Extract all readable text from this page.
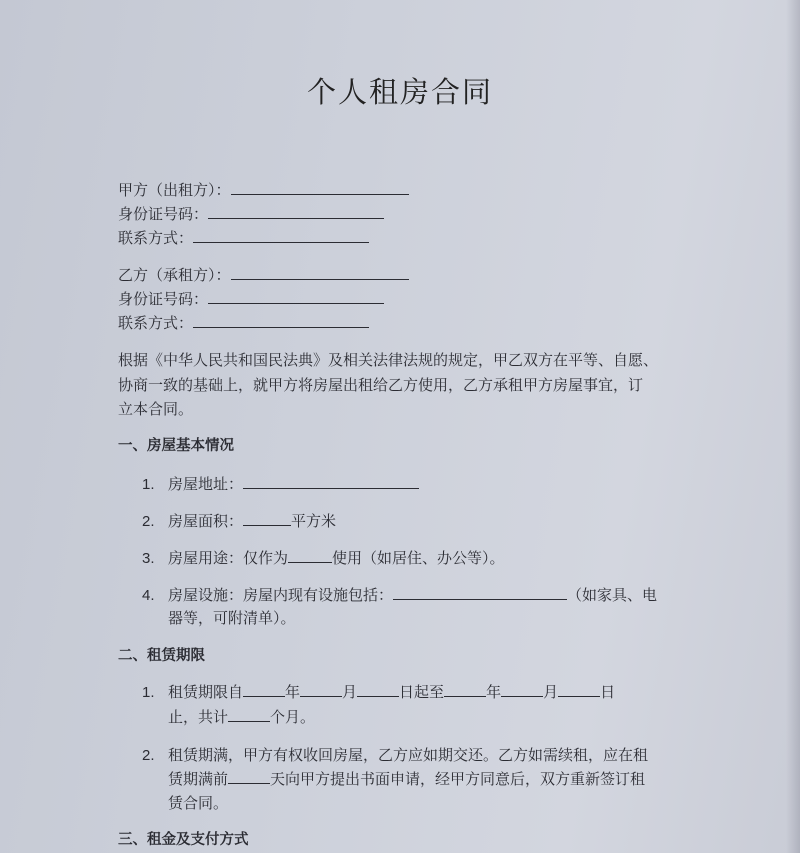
个人租房合同
甲方（出租方）：
身份证号码：
联系方式：
乙方（承租方）：
身份证号码：
联系方式：
根据《中华人民共和国民法典》及相关法律法规的规定，甲乙双方在平等、自愿、
协商一致的基础上，就甲方将房屋出租给乙方使用，乙方承租甲方房屋事宜，订
立本合同。
一、房屋基本情况
1. 房屋地址：
2. 房屋面积：	平方米
3. 房屋用途：仅作为	使用（如居住、办公等）。
4. 房屋设施：房屋内现有设施包括：	（如家具、电
器等，可附清单）。
二、租赁期限
1. 租赁期限自	年	月	日起至	年	月	日
止，共计	个月。
2. 租赁期满，甲方有权收回房屋，乙方应如期交还。乙方如需续租，应在租
赁期满前	天向甲方提出书面申请，经甲方同意后，双方重新签订租
赁合同。
三、租金及支付方式
